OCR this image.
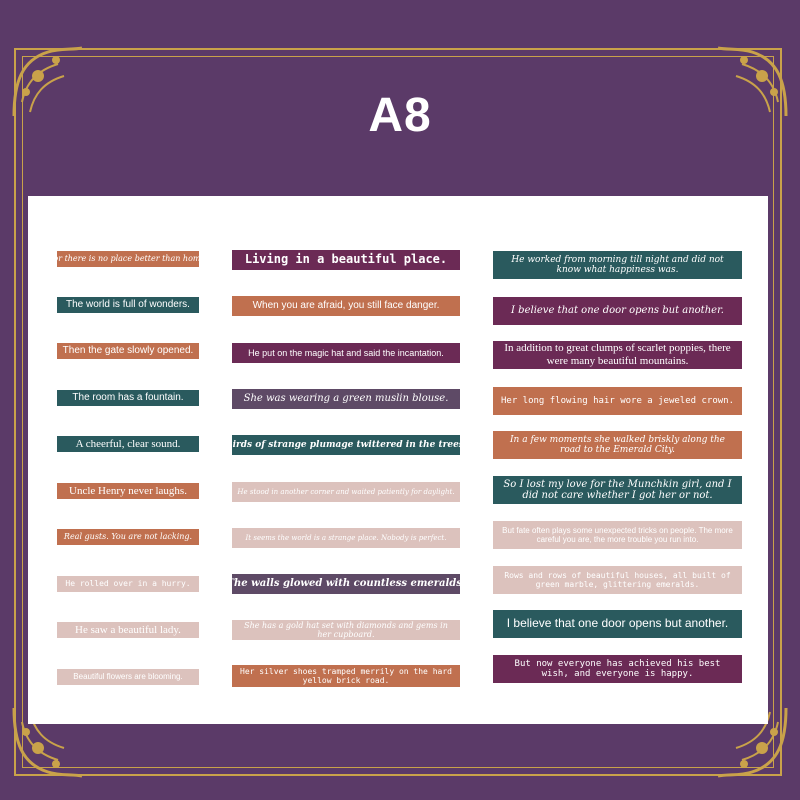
A8
For there is no place better than home.
The world is full of wonders.
Then the gate slowly opened.
The room has a fountain.
A cheerful, clear sound.
Uncle Henry never laughs.
Real gusts. You are not lacking.
He rolled over in a hurry.
He saw a beautiful lady.
Beautiful flowers are blooming.
Living in a beautiful place.
When you are afraid, you still face danger.
He put on the magic hat and said the incantation.
She was wearing a green muslin blouse.
Birds of strange plumage twittered in the trees.
He stood in another corner and waited patiently for daylight.
It seems the world is a strange place. Nobody is perfect.
The walls glowed with countless emeralds.
She has a gold hat set with diamonds and gems in her cupboard.
Her silver shoes tramped merrily on the hard yellow brick road.
He worked from morning till night and did not know what happiness was.
I believe that one door opens but another.
In addition to great clumps of scarlet poppies, there were many beautiful mountains.
Her long flowing hair wore a jeweled crown.
In a few moments she walked briskly along the road to the Emerald City.
So I lost my love for the Munchkin girl, and I did not care whether I got her or not.
But fate often plays some unexpected tricks on people. The more careful you are, the more trouble you run into.
Rows and rows of beautiful houses, all built of green marble, glittering emeralds.
I believe that one door opens but another.
But now everyone has achieved his best wish, and everyone is happy.
